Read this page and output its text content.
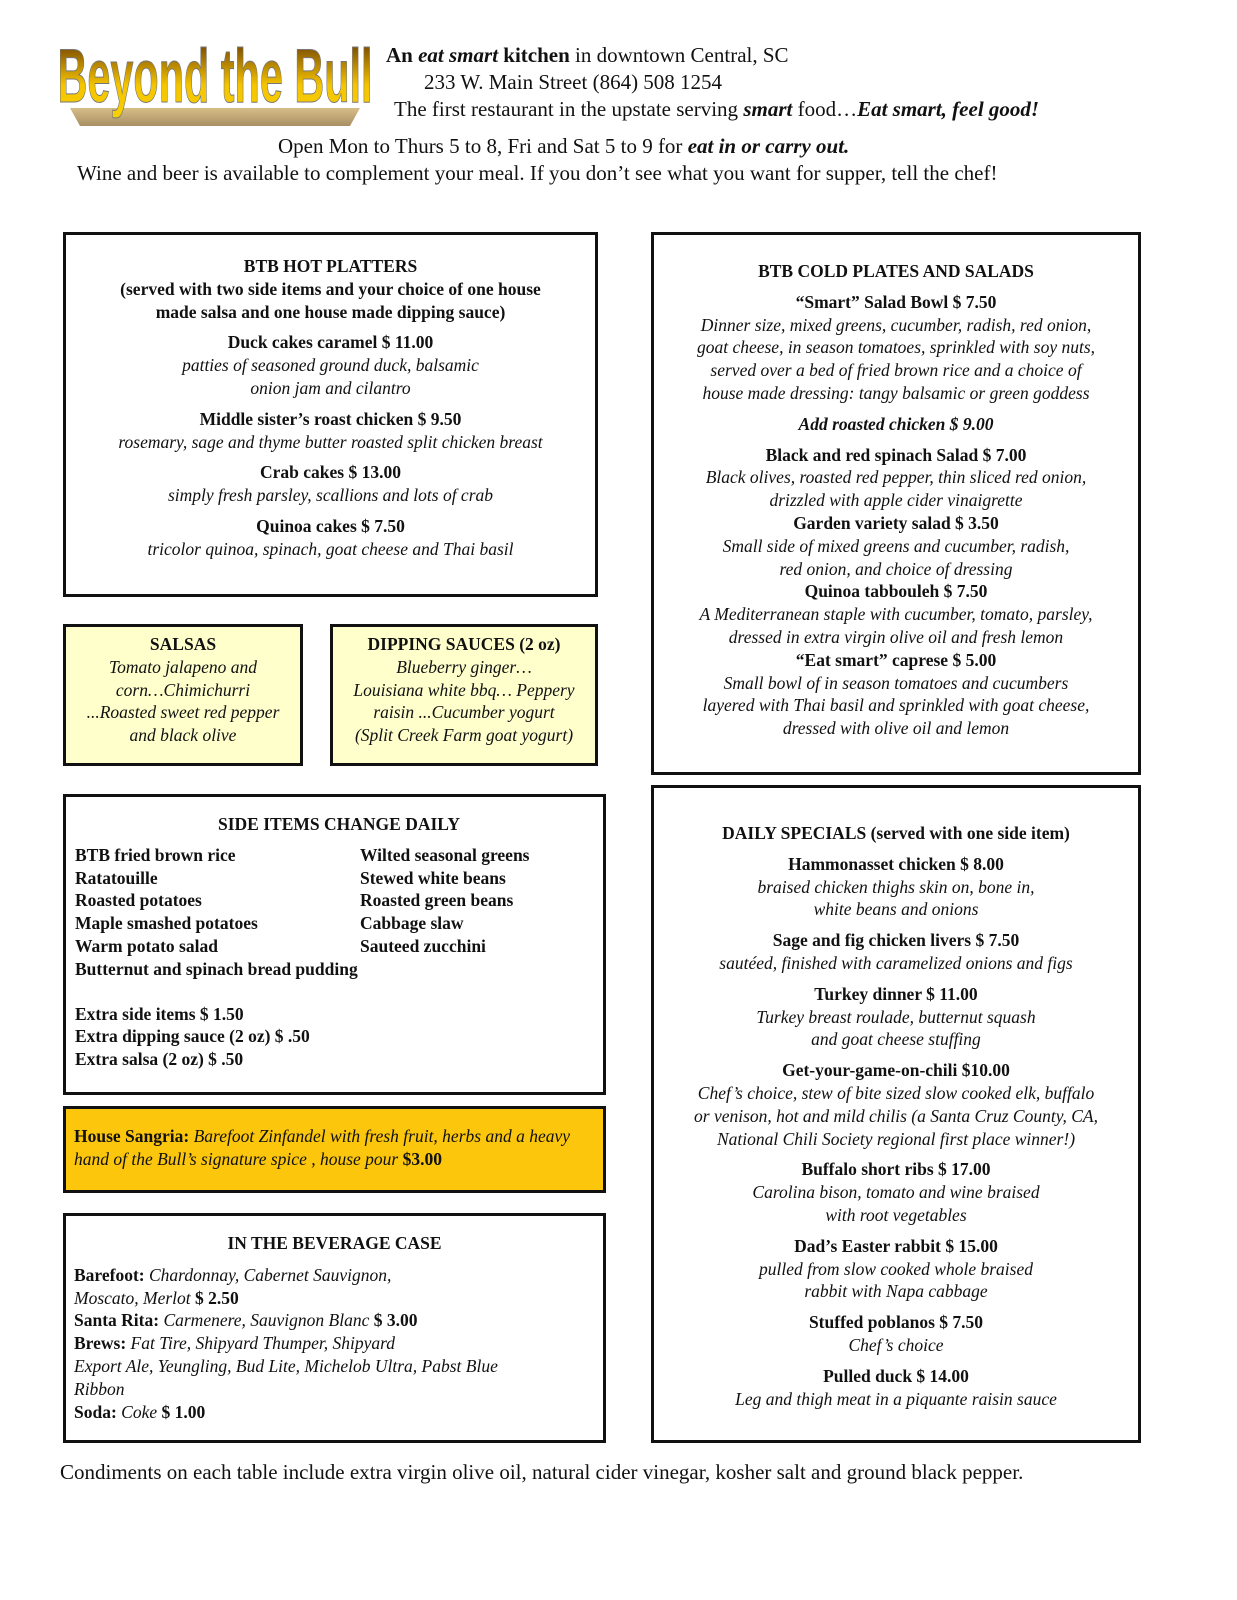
Beyond the Bull An eat smart kitchen in downtown Central, SC
233 W. Main Street (864) 508 1254
The first restaurant in the upstate serving smart food…Eat smart, feel good!
Open Mon to Thurs 5 to 8, Fri and Sat 5 to 9 for eat in or carry out.
Wine and beer is available to complement your meal. If you don’t see what you want for supper, tell the chef!
BTB HOT PLATTERS
(served with two side items and your choice of one house
made salsa and one house made dipping sauce)
Duck cakes caramel $ 11.00
patties of seasoned ground duck, balsamic
onion jam and cilantro
Middle sister’s roast chicken $ 9.50
rosemary, sage and thyme butter roasted split chicken breast
Crab cakes $ 13.00
simply fresh parsley, scallions and lots of crab
Quinoa cakes $ 7.50
tricolor quinoa, spinach, goat cheese and Thai basil
SALSAS
Tomato jalapeno and
corn…Chimichurri
...Roasted sweet red pepper
and black olive
DIPPING SAUCES (2 oz)
Blueberry ginger…
Louisiana white bbq… Peppery
raisin ...Cucumber yogurt
(Split Creek Farm goat yogurt)
SIDE ITEMS CHANGE DAILY
BTB fried brown rice
Ratatouille
Roasted potatoes
Maple smashed potatoes
Warm potato salad
Wilted seasonal greens
Stewed white beans
Roasted green beans
Cabbage slaw
Sauteed zucchini
Butternut and spinach bread pudding
Extra side items $ 1.50
Extra dipping sauce (2 oz) $ .50
Extra salsa (2 oz) $ .50
House Sangria: Barefoot Zinfandel with fresh fruit, herbs and a heavy hand of the Bull’s signature spice , house pour $3.00
IN THE BEVERAGE CASE
Barefoot: Chardonnay, Cabernet Sauvignon,
Moscato, Merlot $ 2.50
Santa Rita: Carmenere, Sauvignon Blanc $ 3.00
Brews: Fat Tire, Shipyard Thumper, Shipyard
Export Ale, Yeungling, Bud Lite, Michelob Ultra, Pabst Blue
Ribbon
Soda: Coke $ 1.00
BTB COLD PLATES AND SALADS
“Smart” Salad Bowl $ 7.50
Dinner size, mixed greens, cucumber, radish, red onion,
goat cheese, in season tomatoes, sprinkled with soy nuts,
served over a bed of fried brown rice and a choice of
house made dressing: tangy balsamic or green goddess
Add roasted chicken $ 9.00
Black and red spinach Salad $ 7.00
Black olives, roasted red pepper, thin sliced red onion,
drizzled with apple cider vinaigrette
Garden variety salad $ 3.50
Small side of mixed greens and cucumber, radish,
red onion, and choice of dressing
Quinoa tabbouleh $ 7.50
A Mediterranean staple with cucumber, tomato, parsley,
dressed in extra virgin olive oil and fresh lemon
“Eat smart” caprese $ 5.00
Small bowl of in season tomatoes and cucumbers
layered with Thai basil and sprinkled with goat cheese,
dressed with olive oil and lemon
DAILY SPECIALS (served with one side item)
Hammonasset chicken $ 8.00
braised chicken thighs skin on, bone in,
white beans and onions
Sage and fig chicken livers $ 7.50
sautéed, finished with caramelized onions and figs
Turkey dinner $ 11.00
Turkey breast roulade, butternut squash
and goat cheese stuffing
Get-your-game-on-chili $10.00
Chef’s choice, stew of bite sized slow cooked elk, buffalo
or venison, hot and mild chilis (a Santa Cruz County, CA,
National Chili Society regional first place winner!)
Buffalo short ribs $ 17.00
Carolina bison, tomato and wine braised
with root vegetables
Dad’s Easter rabbit $ 15.00
pulled from slow cooked whole braised
rabbit with Napa cabbage
Stuffed poblanos $ 7.50
Chef’s choice
Pulled duck $ 14.00
Leg and thigh meat in a piquante raisin sauce
Condiments on each table include extra virgin olive oil, natural cider vinegar, kosher salt and ground black pepper.
